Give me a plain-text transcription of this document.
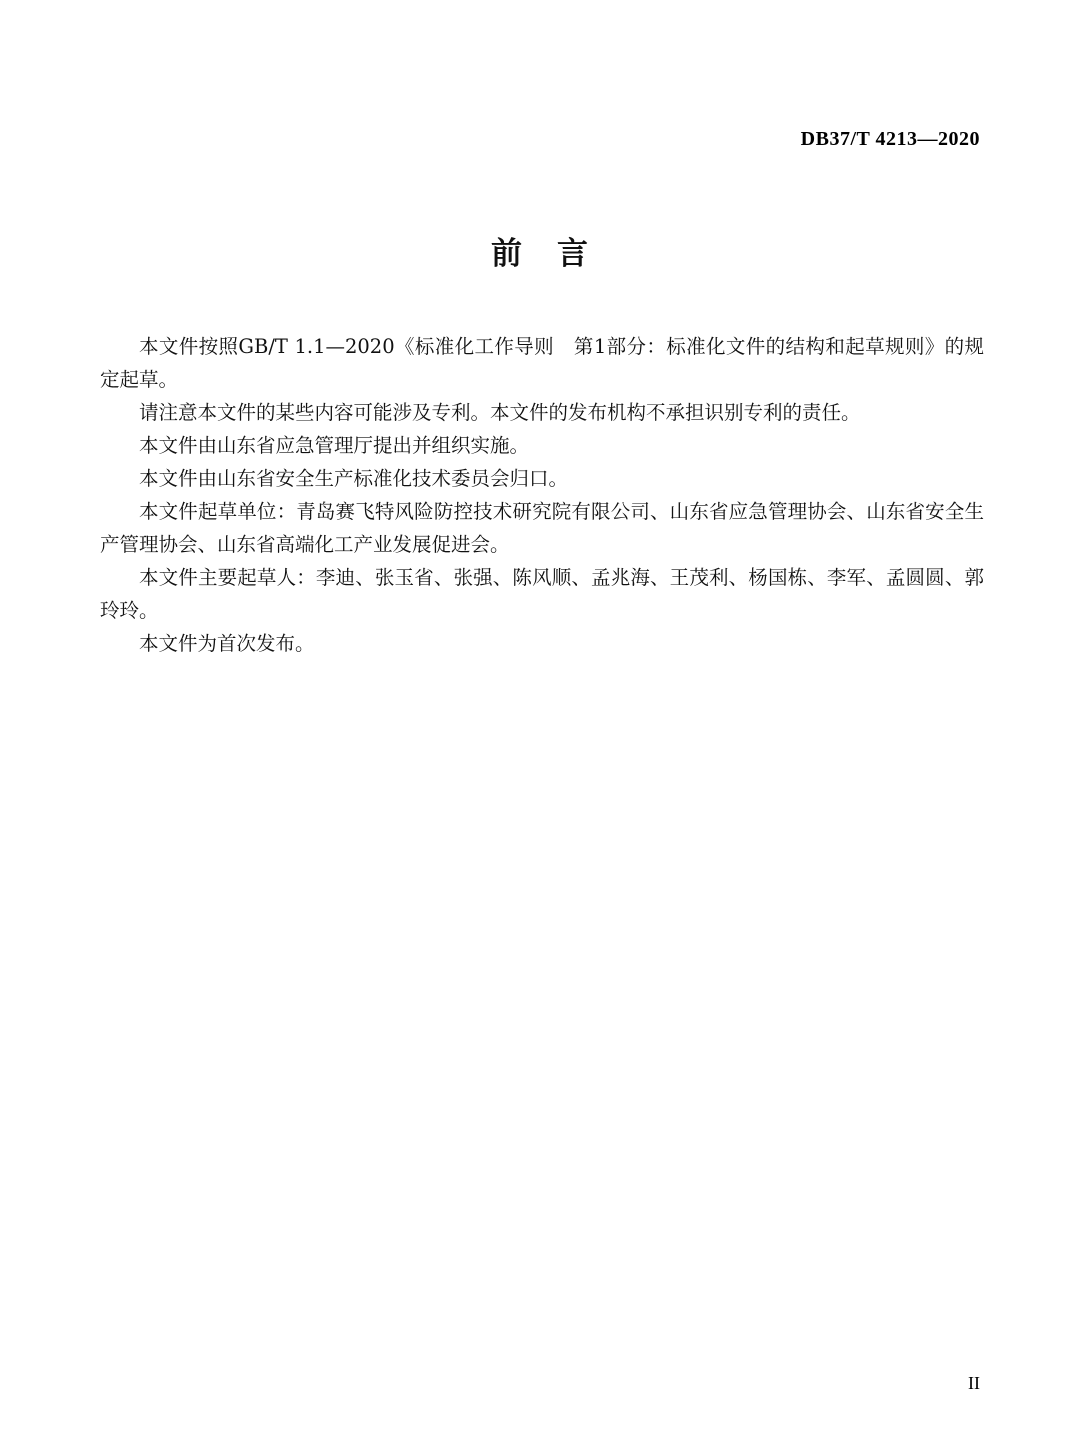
DB37/T 4213—2020
前 言

本文件按照GB/T 1.1—2020《标准化工作导则　第1部分：标准化文件的结构和起草规则》的规定起草。

请注意本文件的某些内容可能涉及专利。本文件的发布机构不承担识别专利的责任。

本文件由山东省应急管理厅提出并组织实施。

本文件由山东省安全生产标准化技术委员会归口。

本文件起草单位：青岛赛飞特风险防控技术研究院有限公司、山东省应急管理协会、山东省安全生产管理协会、山东省高端化工产业发展促进会。

本文件主要起草人：李迪、张玉省、张强、陈风顺、孟兆海、王茂利、杨国栋、李军、孟圆圆、郭玲玲。

本文件为首次发布。

II
